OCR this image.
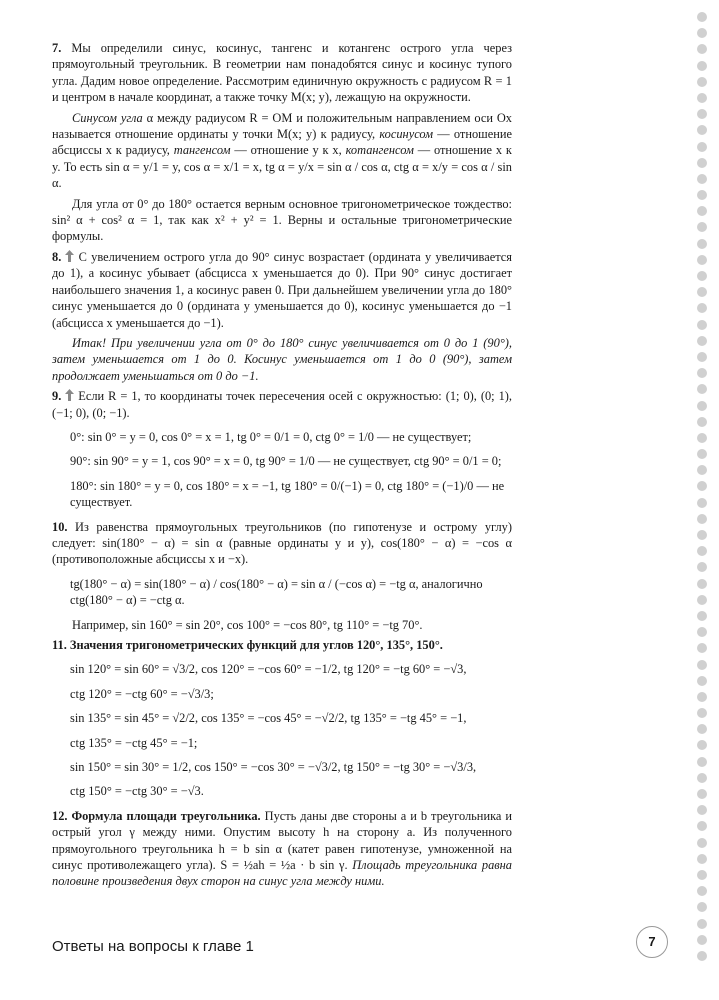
7. Мы определили синус, косинус, тангенс и котангенс острого угла через прямоугольный треугольник. В геометрии нам понадобятся синус и косинус тупого угла. Дадим новое определение. Рассмотрим единичную окружность с радиусом R = 1 и центром в начале координат, а также точку M(x; y), лежащую на окружности.

Синусом угла α между радиусом R = OM и положительным направлением оси Ox называется отношение ординаты y точки M(x; y) к радиусу, косинусом — отношение абсциссы x к радиусу, тангенсом — отношение y к x, котангенсом — отношение x к y. То есть sin α = y/1 = y, cos α = x/1 = x, tg α = y/x = sin α / cos α, ctg α = x/y = cos α / sin α.

Для угла от 0° до 180° остается верным основное тригонометрическое тождество: sin² α + cos² α = 1, так как x² + y² = 1. Верны и остальные тригонометрические формулы.

8. С увеличением острого угла до 90° синус возрастает (ордината y увеличивается до 1), а косинус убывает (абсцисса x уменьшается до 0). При 90° синус достигает наибольшего значения 1, а косинус равен 0. При дальнейшем увеличении угла до 180° синус уменьшается до 0 (ордината y уменьшается до 0), косинус уменьшается до −1 (абсцисса x уменьшается до −1).

Итак! При увеличении угла от 0° до 180° синус увеличивается от 0 до 1 (90°), затем уменьшается от 1 до 0. Косинус уменьшается от 1 до 0 (90°), затем продолжает уменьшаться от 0 до −1.

9. Если R = 1, то координаты точек пересечения осей с окружностью: (1; 0), (0; 1), (−1; 0), (0; −1).

0°: sin 0° = y = 0, cos 0° = x = 1, tg 0° = 0/1 = 0, ctg 0° = 1/0 — не существует;
90°: sin 90° = y = 1, cos 90° = x = 0, tg 90° = 1/0 — не существует, ctg 90° = 0/1 = 0;

180°: sin 180° = y = 0, cos 180° = x = −1, tg 180° = 0/(−1) = 0, ctg 180° = (−1)/0 — не существует.

10. Из равенства прямоугольных треугольников (по гипотенузе и острому углу) следует: sin(180° − α) = sin α (равные ординаты y и y), cos(180° − α) = −cos α (противоположные абсциссы x и −x).

tg(180° − α) = sin(180° − α) / cos(180° − α) = sin α / (−cos α) = −tg α, аналогично ctg(180° − α) = −ctg α.

Например, sin 160° = sin 20°, cos 100° = −cos 80°, tg 110° = −tg 70°.

11. Значения тригонометрических функций для углов 120°, 135°, 150°.

sin 120° = sin 60° = √3/2, cos 120° = −cos 60° = −1/2, tg 120° = −tg 60° = −√3,
ctg 120° = −ctg 60° = −√3/3;
sin 135° = sin 45° = √2/2, cos 135° = −cos 45° = −√2/2, tg 135° = −tg 45° = −1,
ctg 135° = −ctg 45° = −1;
sin 150° = sin 30° = 1/2, cos 150° = −cos 30° = −√3/2, tg 150° = −tg 30° = −√3/3,
ctg 150° = −ctg 30° = −√3.

12. Формула площади треугольника. Пусть даны две стороны a и b треугольника и острый угол γ между ними. Опустим высоту h на сторону a. Из полученного прямоугольного треугольника h = b sin α (катет равен гипотенузе, умноженной на синус противолежащего угла). S = ½ah = ½a · b sin γ. Площадь треугольника равна половине произведения двух сторон на синус угла между ними.

Ответы на вопросы к главе 1	7
